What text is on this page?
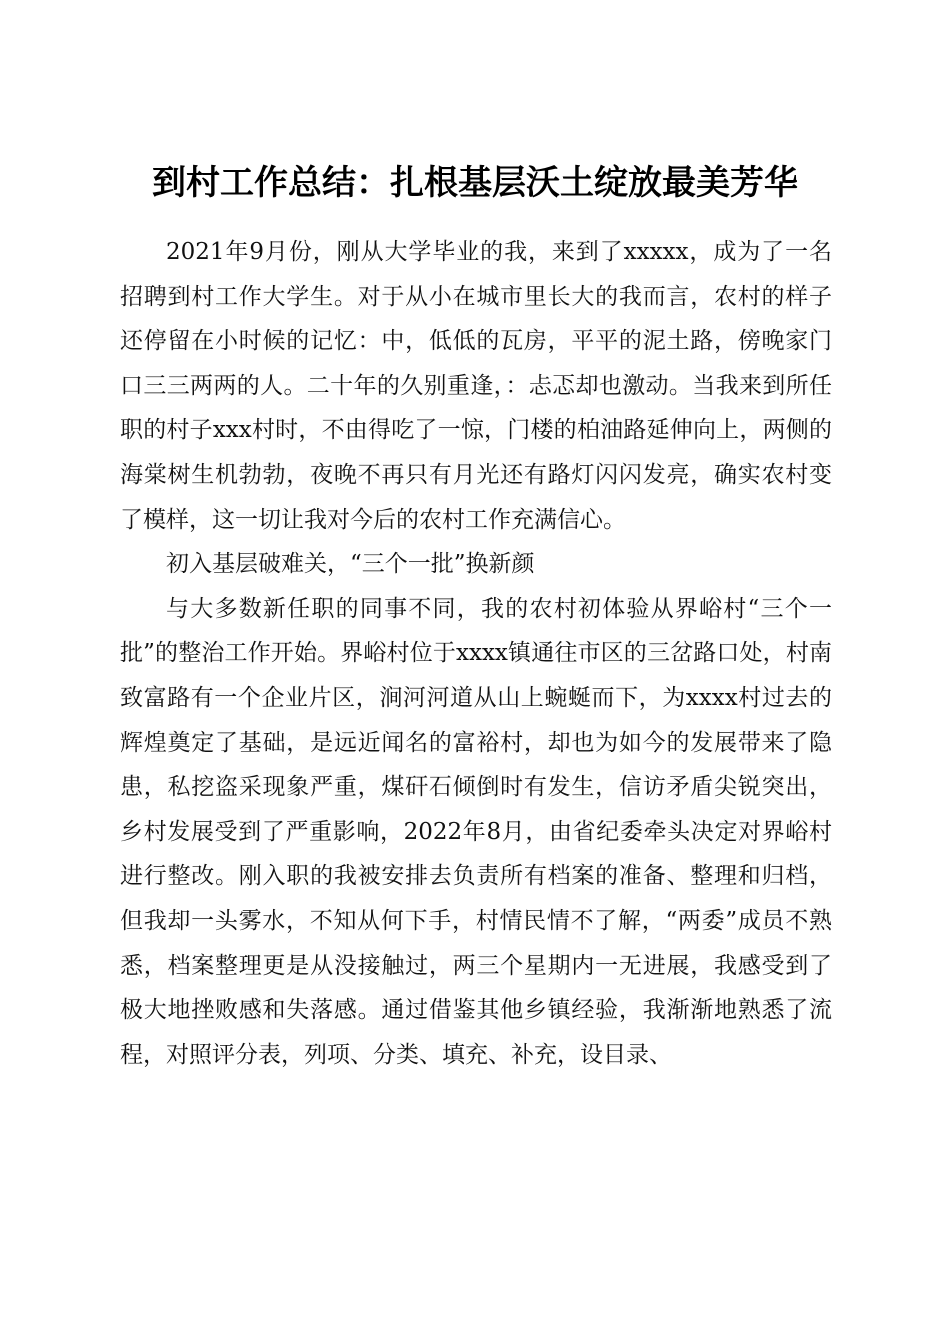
到村工作总结：扎根基层沃土绽放最美芳华

2021年9月份，刚从大学毕业的我，来到了xxxxx，成为了一名招聘到村工作大学生。对于从小在城市里长大的我而言，农村的样子还停留在小时候的记忆：中，低低的瓦房，平平的泥土路，傍晚家门口三三两两的人。二十年的久别重逢，：忐忑却也激动。当我来到所任职的村子xxx村时，不由得吃了一惊，门楼的柏油路延伸向上，两侧的海棠树生机勃勃，夜晚不再只有月光还有路灯闪闪发亮，确实农村变了模样，这一切让我对今后的农村工作充满信心。

初入基层破难关，“三个一批”换新颜

与大多数新任职的同事不同，我的农村初体验从界峪村“三个一批”的整治工作开始。界峪村位于xxxx镇通往市区的三岔路口处，村南致富路有一个企业片区，涧河河道从山上蜿蜒而下，为xxxx村过去的辉煌奠定了基础，是远近闻名的富裕村，却也为如今的发展带来了隐患，私挖盗采现象严重，煤矸石倾倒时有发生，信访矛盾尖锐突出，乡村发展受到了严重影响，2022年8月，由省纪委牵头决定对界峪村进行整改。刚入职的我被安排去负责所有档案的准备、整理和归档，但我却一头雾水，不知从何下手，村情民情不了解，“两委”成员不熟悉，档案整理更是从没接触过，两三个星期内一无进展，我感受到了极大地挫败感和失落感。通过借鉴其他乡镇经验，我渐渐地熟悉了流程，对照评分表，列项、分类、填充、补充，设目录、
